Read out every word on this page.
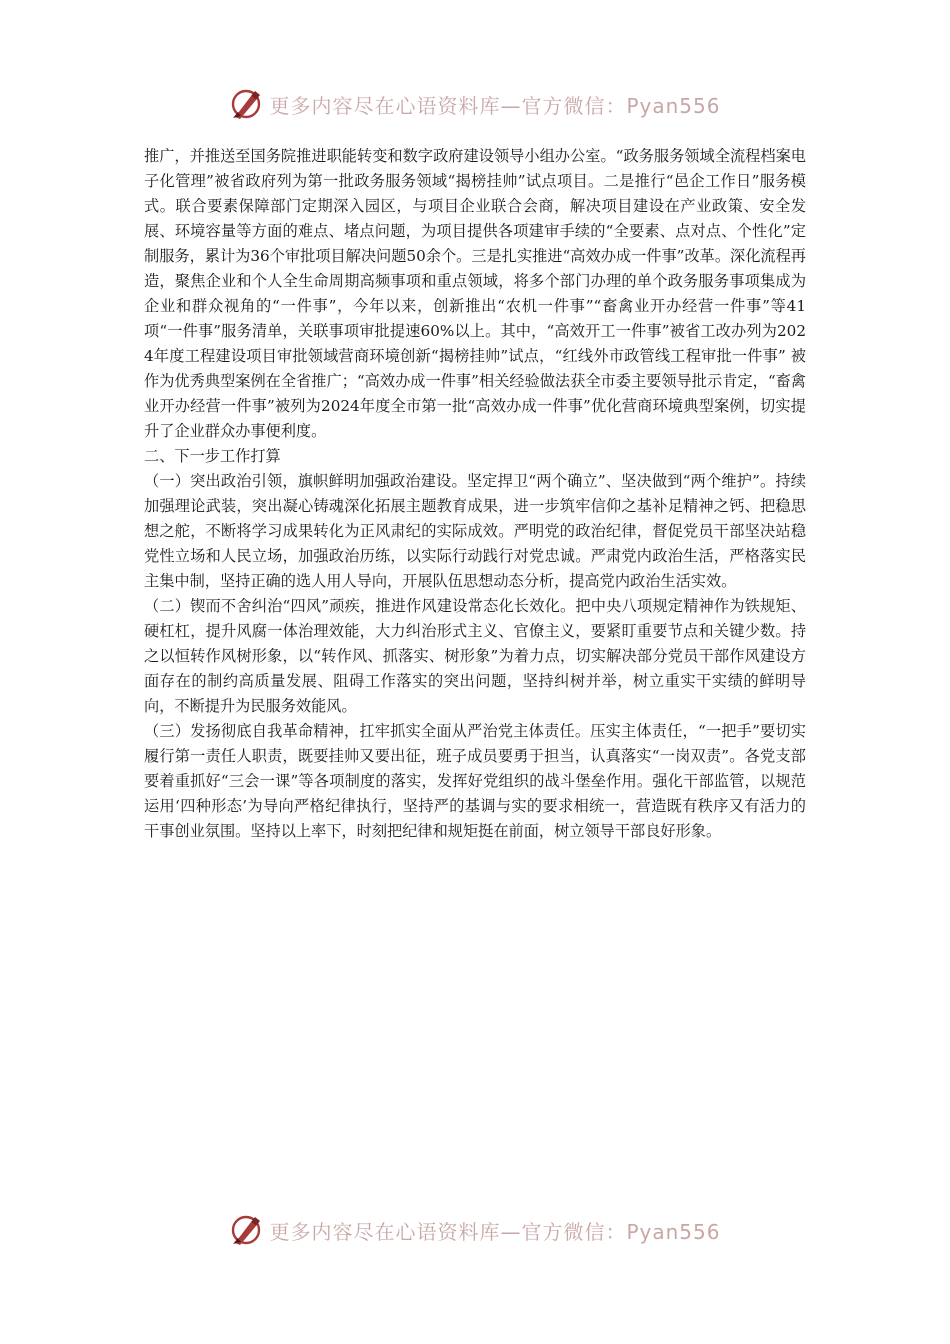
更多内容尽在心语资料库—官方微信：Pyan556

推广，并推送至国务院推进职能转变和数字政府建设领导小组办公室。“政务服务领域全流程档案电子化管理”被省政府列为第一批政务服务领域“揭榜挂帅”试点项目。二是推行“邑企工作日”服务模式。联合要素保障部门定期深入园区，与项目企业联合会商，解决项目建设在产业政策、安全发展、环境容量等方面的难点、堵点问题，为项目提供各项建审手续的“全要素、点对点、个性化”定制服务，累计为36个审批项目解决问题50余个。三是扎实推进“高效办成一件事”改革。深化流程再造，聚焦企业和个人全生命周期高频事项和重点领域，将多个部门办理的单个政务服务事项集成为企业和群众视角的“一件事”，今年以来，创新推出“农机一件事”“畜禽业开办经营一件事”等41项“一件事”服务清单，关联事项审批提速60%以上。其中，“高效开工一件事”被省工改办列为2024年度工程建设项目审批领域营商环境创新“揭榜挂帅”试点，“红线外市政管线工程审批一件事” 被作为优秀典型案例在全省推广；“高效办成一件事”相关经验做法获全市委主要领导批示肯定，“畜禽业开办经营一件事”被列为2024年度全市第一批“高效办成一件事”优化营商环境典型案例，切实提升了企业群众办事便利度。

二、下一步工作打算

（一）突出政治引领，旗帜鲜明加强政治建设。坚定捍卫“两个确立”、坚决做到“两个维护”。持续加强理论武装，突出凝心铸魂深化拓展主题教育成果，进一步筑牢信仰之基补足精神之钙、把稳思想之舵，不断将学习成果转化为正风肃纪的实际成效。严明党的政治纪律，督促党员干部坚决站稳党性立场和人民立场，加强政治历练，以实际行动践行对党忠诚。严肃党内政治生活，严格落实民主集中制，坚持正确的选人用人导向，开展队伍思想动态分析，提高党内政治生活实效。

（二）锲而不舍纠治“四风”顽疾，推进作风建设常态化长效化。把中央八项规定精神作为铁规矩、硬杠杠，提升风腐一体治理效能，大力纠治形式主义、官僚主义，要紧盯重要节点和关键少数。持之以恒转作风树形象，以“转作风、抓落实、树形象”为着力点，切实解决部分党员干部作风建设方面存在的制约高质量发展、阻碍工作落实的突出问题，坚持纠树并举，树立重实干实绩的鲜明导向，不断提升为民服务效能风。

（三）发扬彻底自我革命精神，扛牢抓实全面从严治党主体责任。压实主体责任，“一把手”要切实履行第一责任人职责，既要挂帅又要出征，班子成员要勇于担当，认真落实“一岗双责”。各党支部要着重抓好“三会一课”等各项制度的落实，发挥好党组织的战斗堡垒作用。强化干部监管，以规范运用‘四种形态’为导向严格纪律执行，坚持严的基调与实的要求相统一，营造既有秩序又有活力的干事创业氛围。坚持以上率下，时刻把纪律和规矩挺在前面，树立领导干部良好形象。

更多内容尽在心语资料库—官方微信：Pyan556
